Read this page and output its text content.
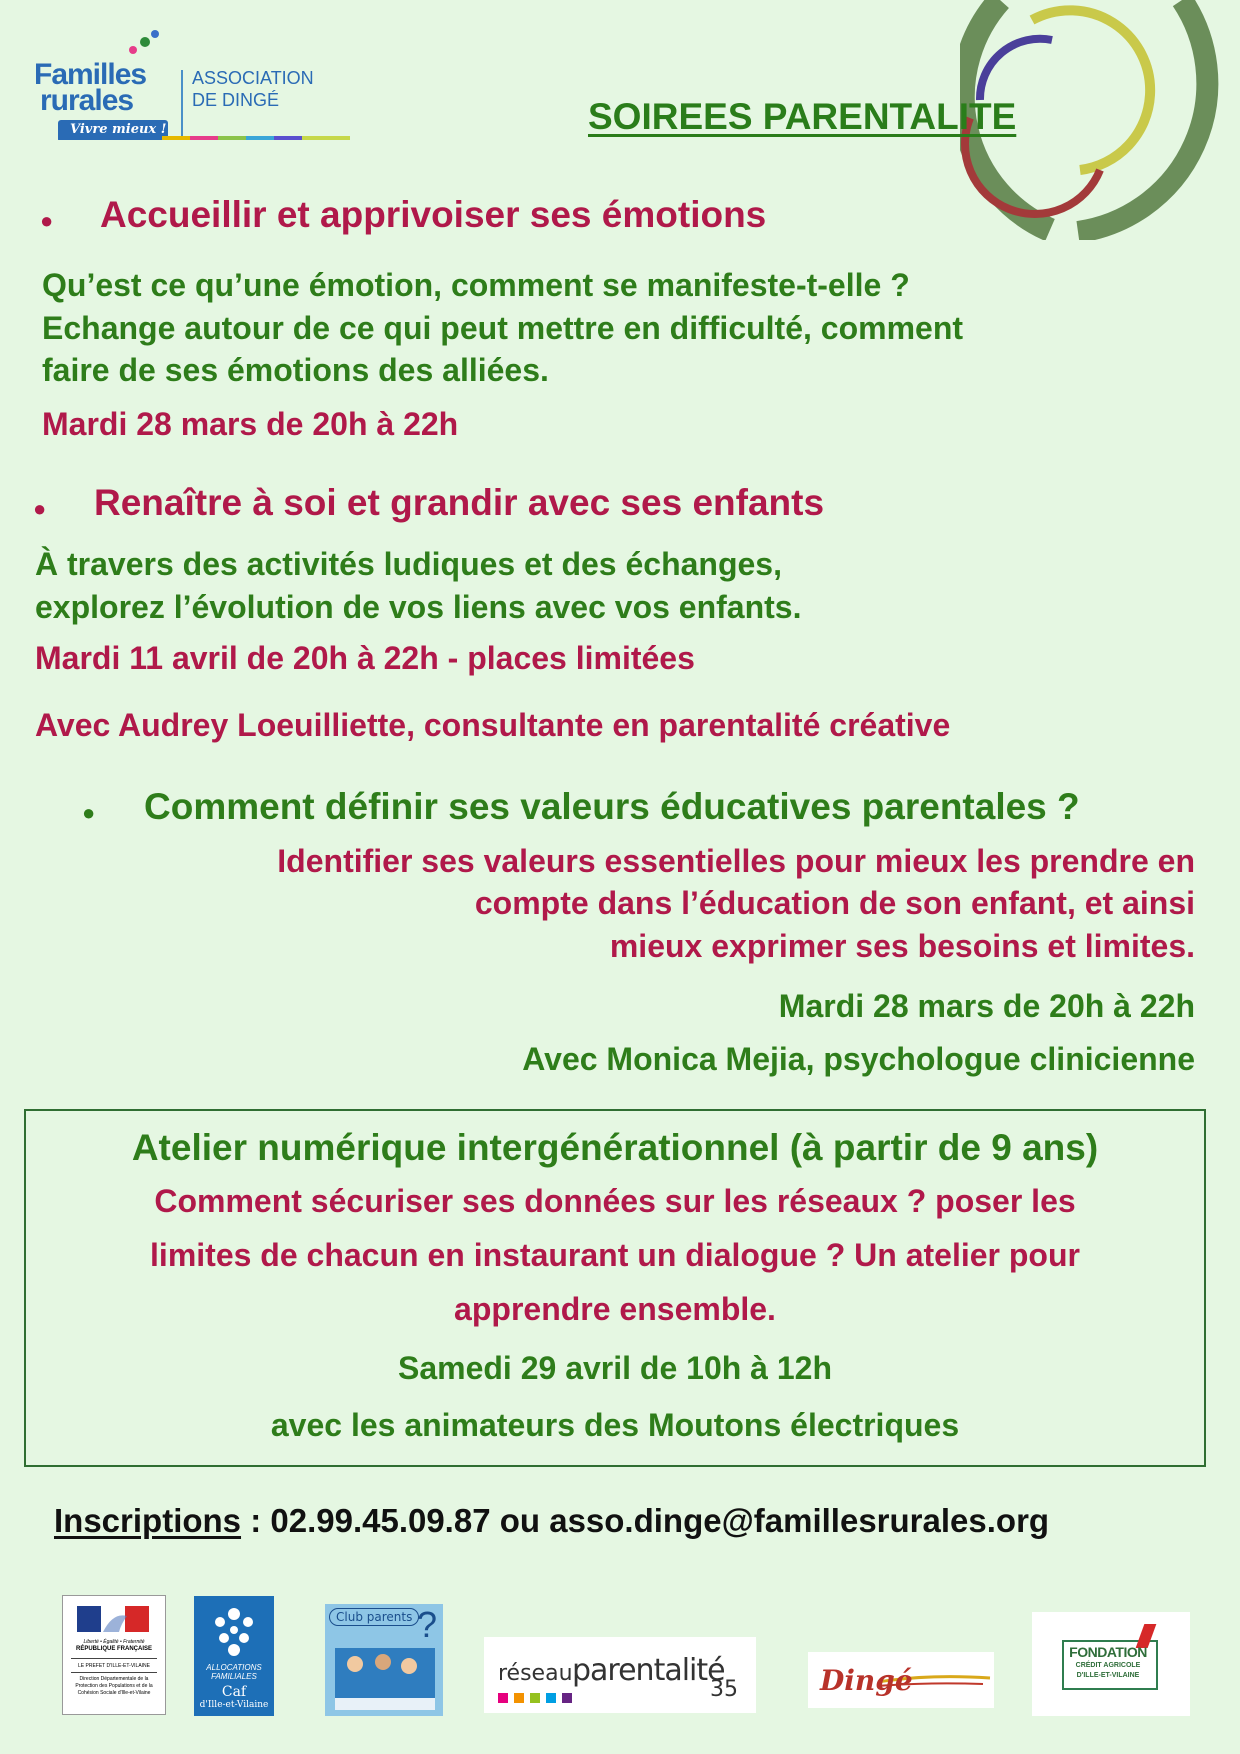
Familles
rurales
Vivre mieux !
ASSOCIATION
DE DINGÉ	SOIREES PARENTALITE
● Accueillir et apprivoiser ses émotions
Qu’est ce qu’une émotion, comment se manifeste-t-elle ?
Echange autour de ce qui peut mettre en difficulté, comment
faire de ses émotions des alliées.
Mardi 28 mars de 20h à 22h
● Renaître à soi et grandir avec ses enfants
À travers des activités ludiques et des échanges,
explorez l’évolution de vos liens avec vos enfants.
Mardi 11 avril de 20h à 22h - places limitées
Avec Audrey Loeuilliette, consultante en parentalité créative
● Comment définir ses valeurs éducatives parentales ?
Identifier ses valeurs essentielles pour mieux les prendre en
compte dans l’éducation de son enfant, et ainsi
mieux exprimer ses besoins et limites.
Mardi 28 mars de 20h à 22h
Avec Monica Mejia, psychologue clinicienne
Atelier numérique intergénérationnel (à partir de 9 ans)
Comment sécuriser ses données sur les réseaux ? poser les
limites de chacun en instaurant un dialogue ? Un atelier pour
apprendre ensemble.
Samedi 29 avril de 10h à 12h
avec les animateurs des Moutons électriques
Inscriptions : 02.99.45.09.87 ou asso.dinge@famillesrurales.org
Liberté • Égalité • Fraternité
RÉPUBLIQUE FRANÇAISE
LE PREFET D'ILLE-ET-VILAINE
Direction Départementale de la Protection des Populations et de la Cohésion Sociale d'Ille-et-Vilaine
ALLOCATIONS FAMILIALES
Caf
d'Ille-et-Vilaine
Club parents ?
réseau parentalité
35	Dingé
FONDATION
CRÉDIT AGRICOLE
D'ILLE-ET-VILAINE
